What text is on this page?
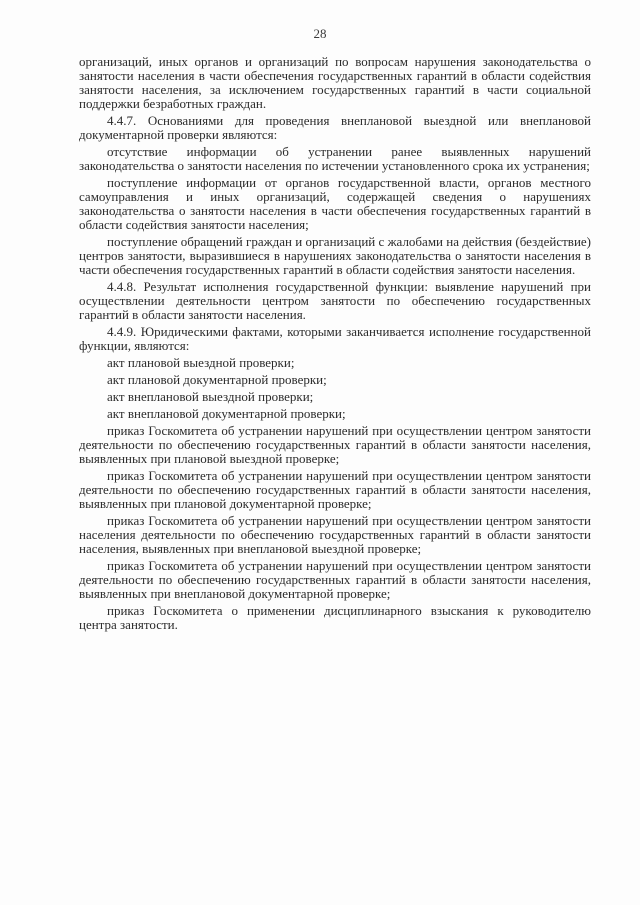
28

организаций, иных органов и организаций по вопросам нарушения законодательства о занятости населения в части обеспечения государственных гарантий в области содействия занятости населения, за исключением государственных гарантий в части социальной поддержки безработных граждан.

4.4.7. Основаниями для проведения внеплановой выездной или внеплановой документарной проверки являются:

отсутствие информации об устранении ранее выявленных нарушений законодательства о занятости населения по истечении установленного срока их устранения;

поступление информации от органов государственной власти, органов местного самоуправления и иных организаций, содержащей сведения о нарушениях законодательства о занятости населения в части обеспечения государственных гарантий в области содействия занятости населения;

поступление обращений граждан и организаций с жалобами на действия (бездействие) центров занятости, выразившиеся в нарушениях законодательства о занятости населения в части обеспечения государственных гарантий в области содействия занятости населения.

4.4.8. Результат исполнения государственной функции: выявление нарушений при осуществлении деятельности центром занятости по обеспечению государственных гарантий в области занятости населения.

4.4.9. Юридическими фактами, которыми заканчивается исполнение государственной функции, являются:

акт плановой выездной проверки;

акт плановой документарной проверки;

акт внеплановой выездной проверки;

акт внеплановой документарной проверки;

приказ Госкомитета об устранении нарушений при осуществлении центром занятости деятельности по обеспечению государственных гарантий в области занятости населения, выявленных при плановой выездной проверке;

приказ Госкомитета об устранении нарушений при осуществлении центром занятости деятельности по обеспечению государственных гарантий в области занятости населения, выявленных при плановой документарной проверке;

приказ Госкомитета об устранении нарушений при осуществлении центром занятости населения деятельности по обеспечению государственных гарантий в области занятости населения, выявленных при внеплановой выездной проверке;

приказ Госкомитета об устранении нарушений при осуществлении центром занятости деятельности по обеспечению государственных гарантий в области занятости населения, выявленных при внеплановой документарной проверке;

приказ Госкомитета о применении дисциплинарного взыскания к руководителю центра занятости.
